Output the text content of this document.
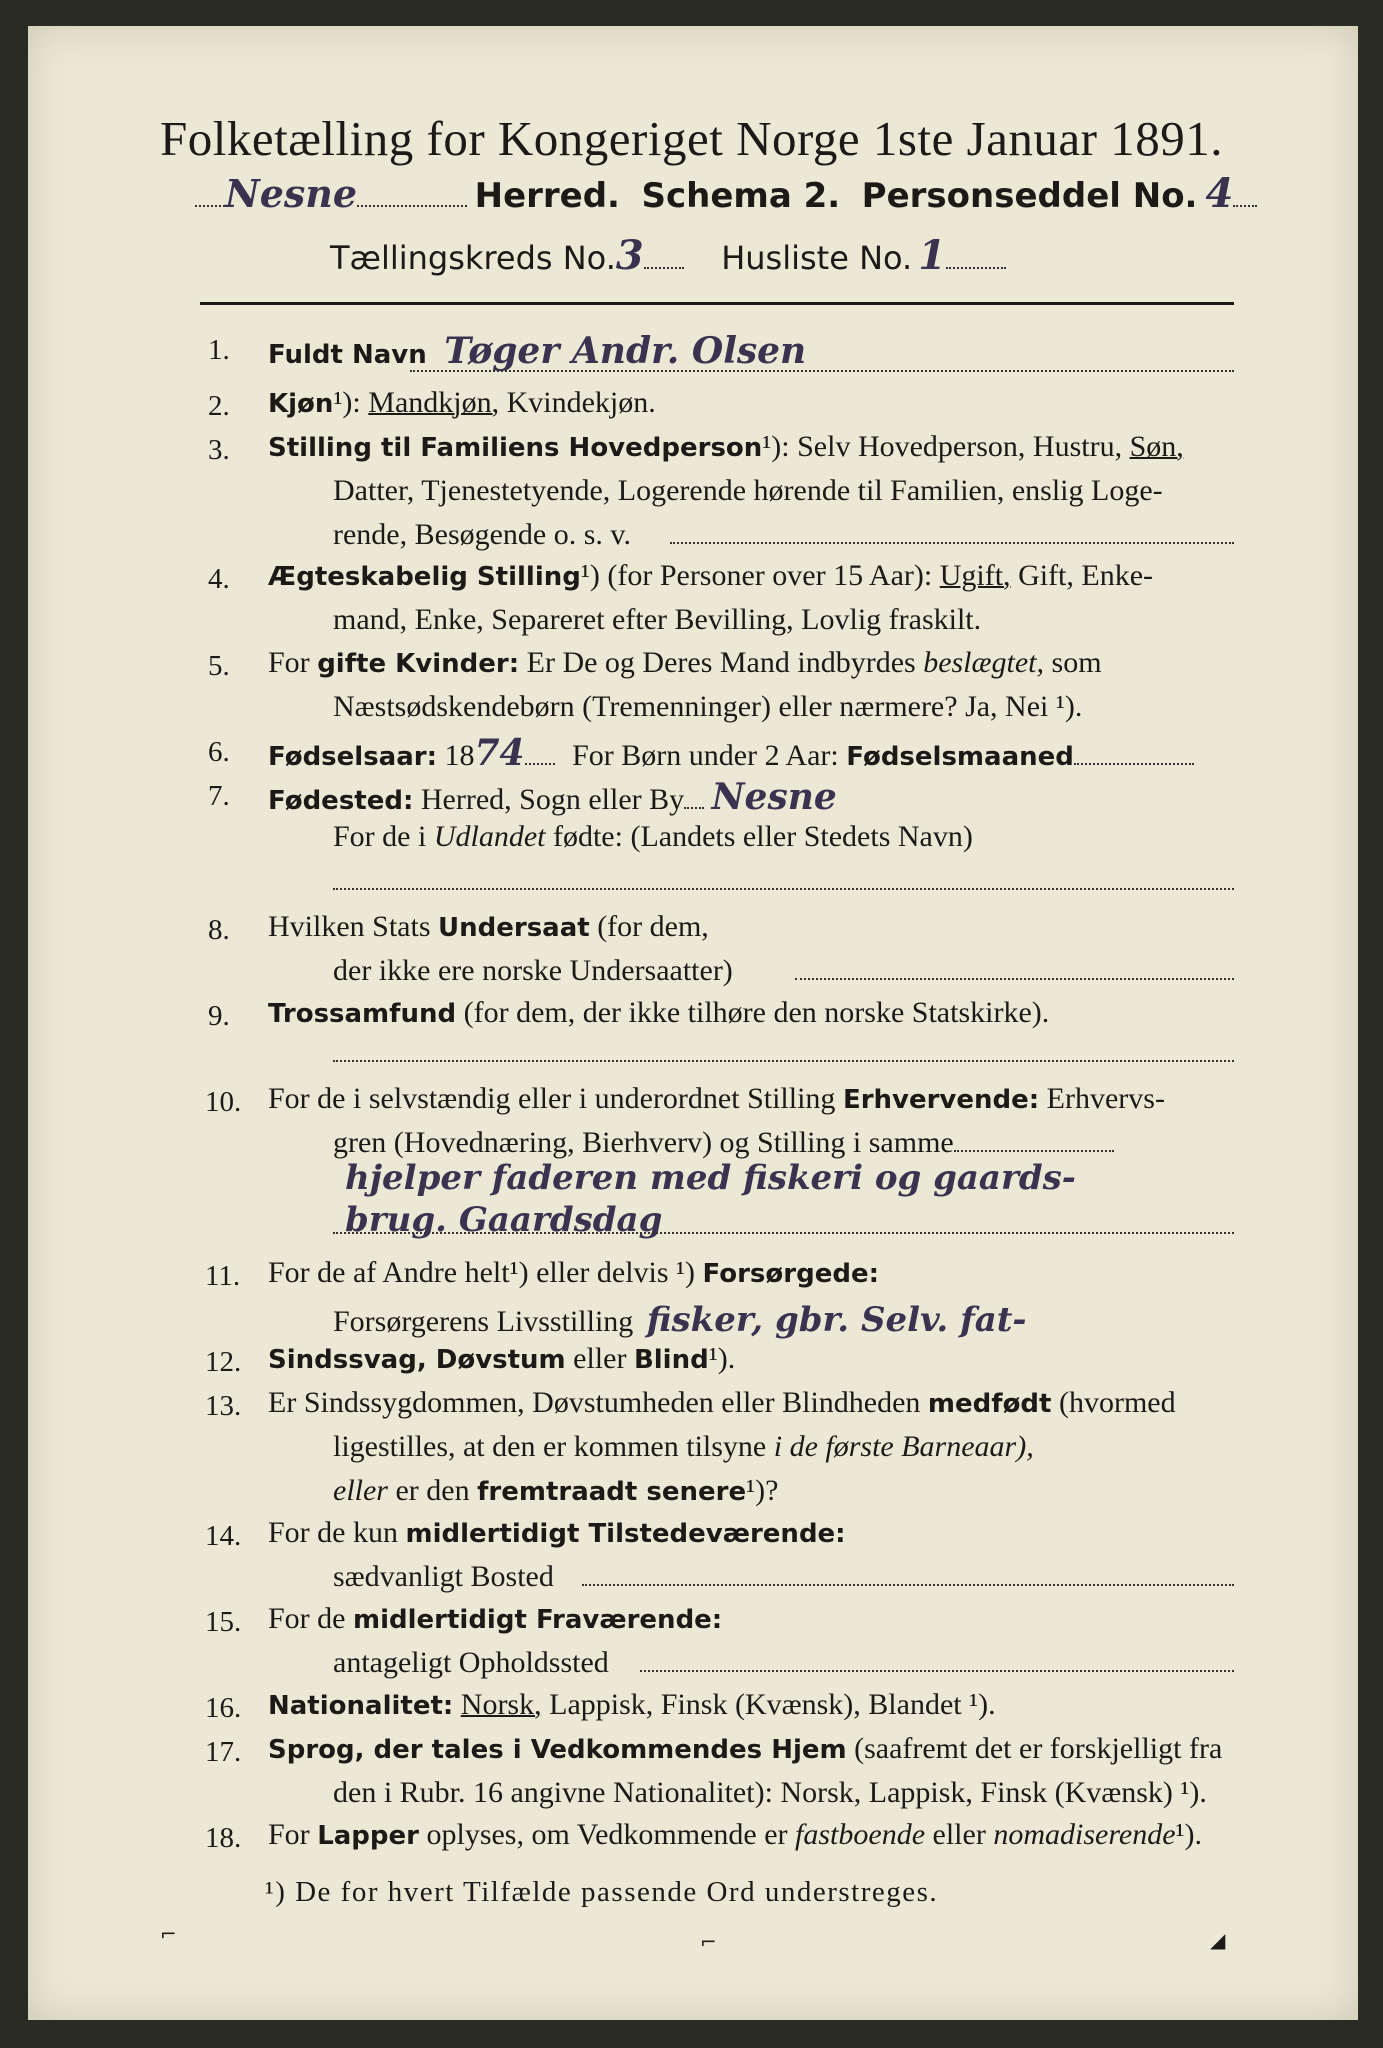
Folketælling for Kongeriget Norge 1ste Januar 1891.
Nesne	Herred. Schema 2. Personseddel No. 4
Tællingskreds No.3 Husliste No. 1
1. Fuldt Navn Tøger Andr. Olsen
2. Kjøn¹): Mandkjøn, Kvindekjøn.
3. Stilling til Familiens Hovedperson¹): Selv Hovedperson, Hustru, Søn,
Datter, Tjenestetyende, Logerende hørende til Familien, enslig Loge-
rende, Besøgende o. s. v.
4. Ægteskabelig Stilling¹) (for Personer over 15 Aar): Ugift, Gift, Enke-
mand, Enke, Separeret efter Bevilling, Lovlig fraskilt.
5. For gifte Kvinder: Er De og Deres Mand indbyrdes beslægtet, som
Næstsødskendebørn (Tremenninger) eller nærmere? Ja, Nei ¹).
6. Fødselsaar: 1874 For Børn under 2 Aar: Fødselsmaaned
7. Fødested: Herred, Sogn eller By Nesne
For de i Udlandet fødte: (Landets eller Stedets Navn)
8. Hvilken Stats Undersaat (for dem,
der ikke ere norske Undersaatter)
9. Trossamfund (for dem, der ikke tilhøre den norske Statskirke).
10. For de i selvstændig eller i underordnet Stilling Erhvervende: Erhvervs-
gren (Hovednæring, Bierhverv) og Stilling i samme
hjelper faderen med fiskeri og gaards-
brug. Gaardsdag
11. For de af Andre helt¹) eller delvis ¹) Forsørgede:
Forsørgerens Livsstilling fisker, gbr. Selv. fat-
12. Sindssvag, Døvstum eller Blind¹).
13. Er Sindssygdommen, Døvstumheden eller Blindheden medfødt (hvormed
ligestilles, at den er kommen tilsyne i de første Barneaar),
eller er den fremtraadt senere¹)?
14. For de kun midlertidigt Tilstedeværende:
sædvanligt Bosted
15. For de midlertidigt Fraværende:
antageligt Opholdssted
16. Nationalitet: Norsk, Lappisk, Finsk (Kvænsk), Blandet ¹).
17. Sprog, der tales i Vedkommendes Hjem (saafremt det er forskjelligt fra
den i Rubr. 16 angivne Nationalitet): Norsk, Lappisk, Finsk (Kvænsk) ¹).
18. For Lapper oplyses, om Vedkommende er fastboende eller nomadiserende¹).
¹) De for hvert Tilfælde passende Ord understreges.
⌐	⌐	◢
